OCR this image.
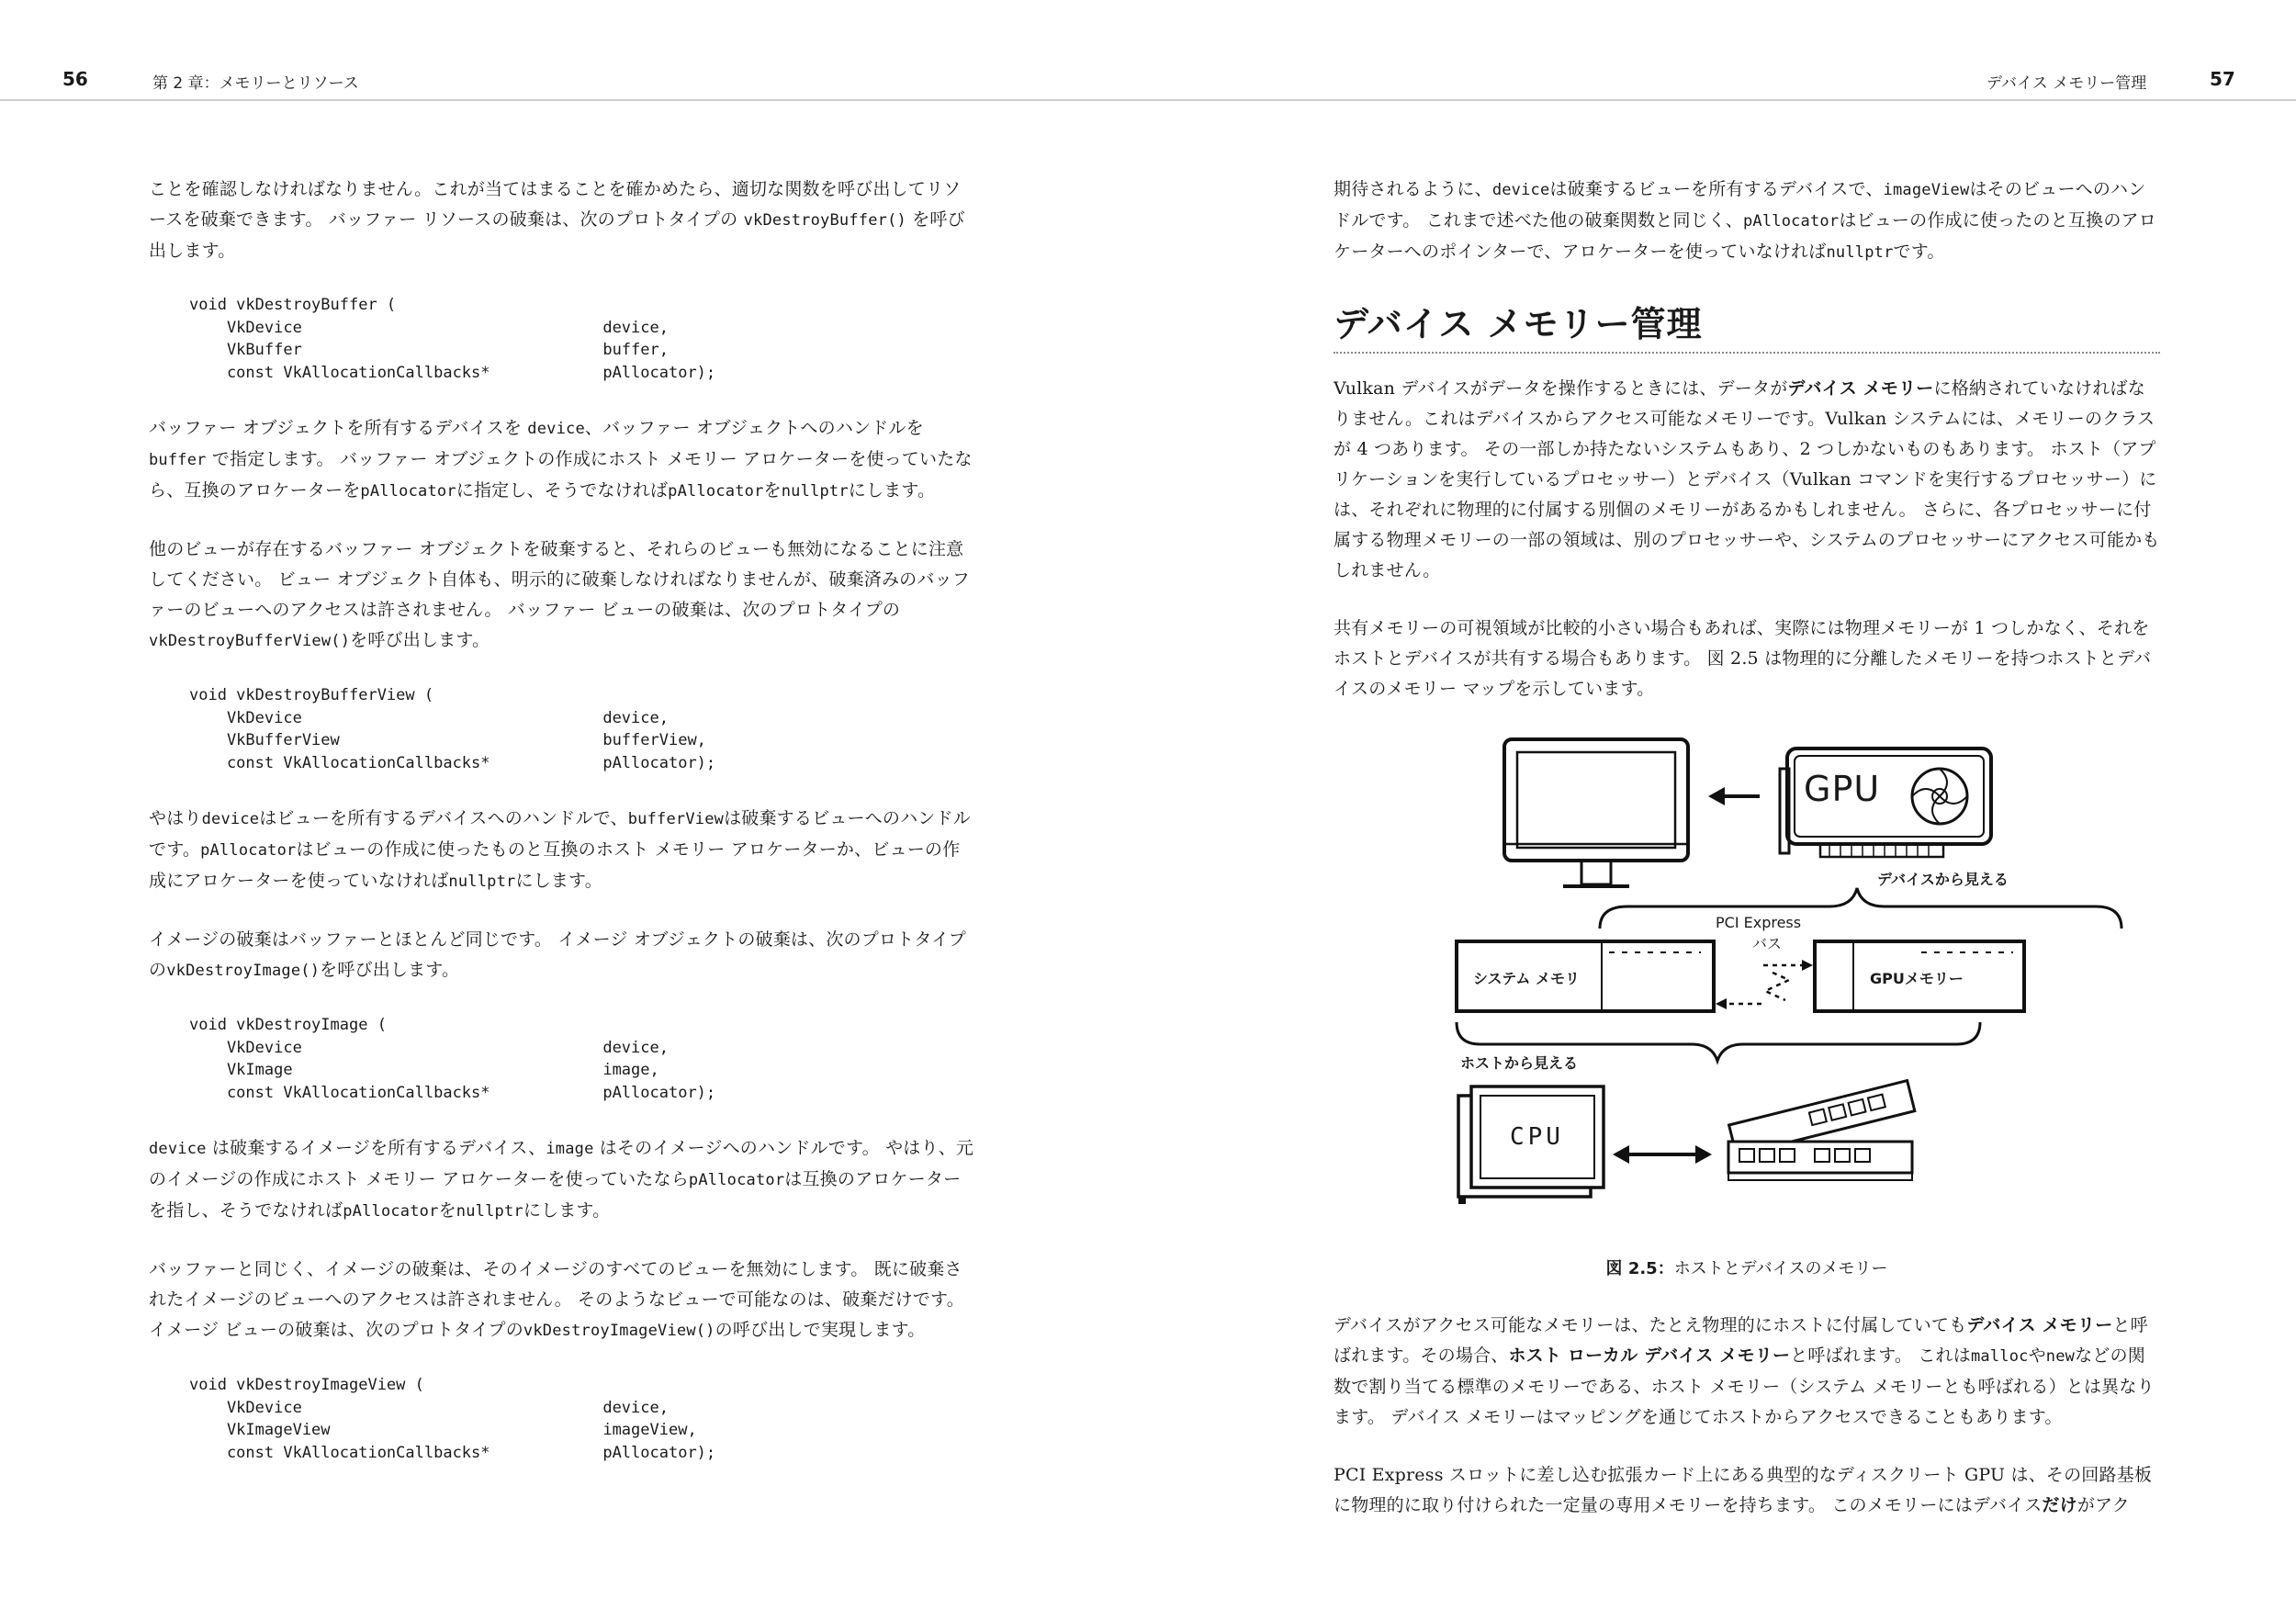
56	第 2 章：メモリーとリソース	デバイス メモリー管理	57

ことを確認しなければなりません。これが当てはまることを確かめたら、適切な関数を呼び出してリソースを破棄できます。 バッファー リソースの破棄は、次のプロトタイプの vkDestroyBuffer() を呼び出します。

void vkDestroyBuffer (
VkDevice                                device,
VkBuffer                                buffer,
const VkAllocationCallbacks*            pAllocator);

バッファー オブジェクトを所有するデバイスを device、バッファー オブジェクトへのハンドルを buffer で指定します。 バッファー オブジェクトの作成にホスト メモリー アロケーターを使っていたなら、互換のアロケーターをpAllocatorに指定し、そうでなければpAllocatorをnullptrにします。

他のビューが存在するバッファー オブジェクトを破棄すると、それらのビューも無効になることに注意してください。 ビュー オブジェクト自体も、明示的に破棄しなければなりませんが、破棄済みのバッファーのビューへのアクセスは許されません。 バッファー ビューの破棄は、次のプロトタイプのvkDestroyBufferView()を呼び出します。

void vkDestroyBufferView (
VkDevice                                device,
VkBufferView                            bufferView,
const VkAllocationCallbacks*            pAllocator);

やはりdeviceはビューを所有するデバイスへのハンドルで、bufferViewは破棄するビューへのハンドルです。pAllocatorはビューの作成に使ったものと互換のホスト メモリー アロケーターか、ビューの作成にアロケーターを使っていなければnullptrにします。

イメージの破棄はバッファーとほとんど同じです。 イメージ オブジェクトの破棄は、次のプロトタイプのvkDestroyImage()を呼び出します。

void vkDestroyImage (
VkDevice                                device,
VkImage                                 image,
const VkAllocationCallbacks*            pAllocator);

device は破棄するイメージを所有するデバイス、image はそのイメージへのハンドルです。 やはり、元のイメージの作成にホスト メモリー アロケーターを使っていたならpAllocatorは互換のアロケーターを指し、そうでなければpAllocatorをnullptrにします。

バッファーと同じく、イメージの破棄は、そのイメージのすべてのビューを無効にします。 既に破棄されたイメージのビューへのアクセスは許されません。 そのようなビューで可能なのは、破棄だけです。 イメージ ビューの破棄は、次のプロトタイプのvkDestroyImageView()の呼び出しで実現します。

void vkDestroyImageView (
VkDevice                                device,
VkImageView                             imageView,
const VkAllocationCallbacks*            pAllocator);

期待されるように、deviceは破棄するビューを所有するデバイスで、imageViewはそのビューへのハンドルです。 これまで述べた他の破棄関数と同じく、pAllocatorはビューの作成に使ったのと互換のアロケーターへのポインターで、アロケーターを使っていなければnullptrです。

デバイス メモリー管理

Vulkan デバイスがデータを操作するときには、データがデバイス メモリーに格納されていなければなりません。これはデバイスからアクセス可能なメモリーです。Vulkan システムには、メモリーのクラスが 4 つあります。 その一部しか持たないシステムもあり、2 つしかないものもあります。 ホスト（アプリケーションを実行しているプロセッサー）とデバイス（Vulkan コマンドを実行するプロセッサー）には、それぞれに物理的に付属する別個のメモリーがあるかもしれません。 さらに、各プロセッサーに付属する物理メモリーの一部の領域は、別のプロセッサーや、システムのプロセッサーにアクセス可能かもしれません。

共有メモリーの可視領域が比較的小さい場合もあれば、実際には物理メモリーが 1 つしかなく、それをホストとデバイスが共有する場合もあります。 図 2.5 は物理的に分離したメモリーを持つホストとデバイスのメモリー マップを示しています。

GPU
デバイスから見える
PCI Express
バス
システム メモリ	GPUメモリー
ホストから見える
CPU
図 2.5：ホストとデバイスのメモリー

デバイスがアクセス可能なメモリーは、たとえ物理的にホストに付属していてもデバイス メモリーと呼ばれます。その場合、ホスト ローカル デバイス メモリーと呼ばれます。 これはmallocやnewなどの関数で割り当てる標準のメモリーである、ホスト メモリー（システム メモリーとも呼ばれる）とは異なります。 デバイス メモリーはマッピングを通じてホストからアクセスできることもあります。

PCI Express スロットに差し込む拡張カード上にある典型的なディスクリート GPU は、その回路基板に物理的に取り付けられた一定量の専用メモリーを持ちます。 このメモリーにはデバイスだけがアク
